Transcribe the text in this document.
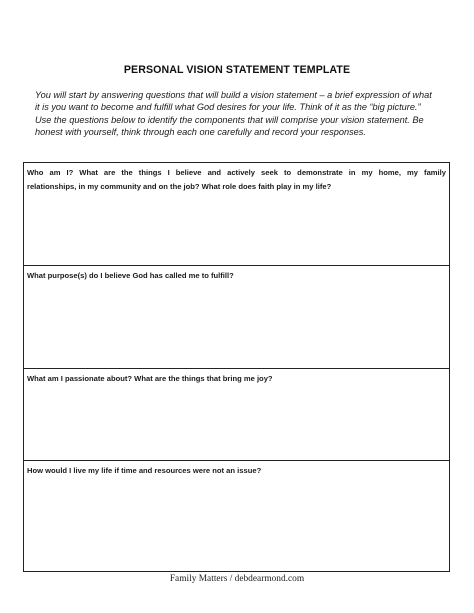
PERSONAL VISION STATEMENT TEMPLATE
You will start by answering questions that will build a vision statement – a brief expression of what
it is you want to become and fulfill what God desires for your life. Think of it as the “big picture.”
Use the questions below to identify the components that will comprise your vision statement. Be
honest with yourself, think through each one carefully and record your responses.
Who am I? What are the things I believe and actively seek to demonstrate in my home, my family
relationships, in my community and on the job? What role does faith play in my life?
What purpose(s) do I believe God has called me to fulfill?
What am I passionate about? What are the things that bring me joy?
How would I live my life if time and resources were not an issue?
Family Matters / debdearmond.com
